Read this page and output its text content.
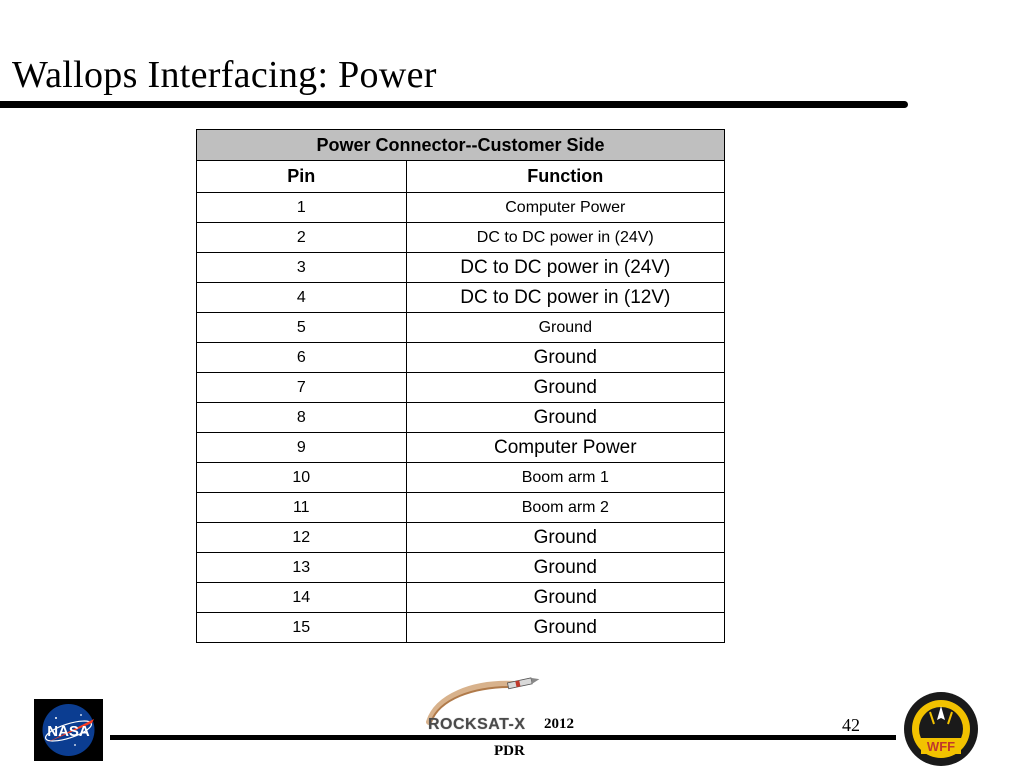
Wallops Interfacing: Power
Power Connector--Customer Side	
Pin	Function
1	Computer Power
2	DC to DC power in (24V)
3	DC to DC power in (24V)
4	DC to DC power in (12V)
5	Ground
6	Ground
7	Ground
8	Ground
9	Computer Power
10	Boom arm 1
11	Boom arm 2
12	Ground
13	Ground
14	Ground
15	Ground
NASA	ROCKSAT-X 2012
PDR
42
WFF
